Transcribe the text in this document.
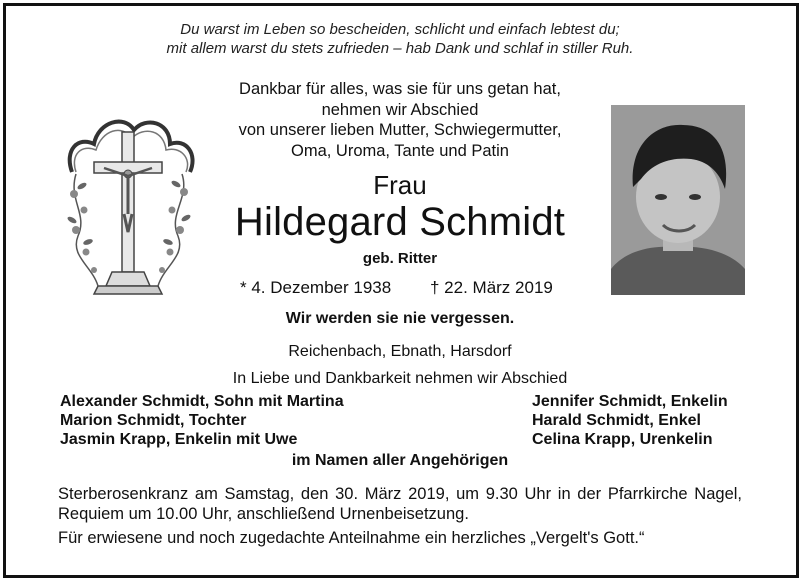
Du warst im Leben so bescheiden, schlicht und einfach lebtest du;
mit allem warst du stets zufrieden – hab Dank und schlaf in stiller Ruh.
Dankbar für alles, was sie für uns getan hat,
nehmen wir Abschied
von unserer lieben Mutter, Schwiegermutter,
Oma, Uroma, Tante und Patin
Frau
Hildegard Schmidt
geb. Ritter
* 4. Dezember 1938 † 22. März 2019
Wir werden sie nie vergessen.
Reichenbach, Ebnath, Harsdorf
In Liebe und Dankbarkeit nehmen wir Abschied
Alexander Schmidt, Sohn mit Martina
Marion Schmidt, Tochter
Jasmin Krapp, Enkelin mit Uwe
Jennifer Schmidt, Enkelin
Harald Schmidt, Enkel
Celina Krapp, Urenkelin
im Namen aller Angehörigen
Sterberosenkranz am Samstag, den 30. März 2019, um 9.30 Uhr in der Pfarrkirche Nagel, Requiem um 10.00 Uhr, anschließend Urnenbeisetzung.
Für erwiesene und noch zugedachte Anteilnahme ein herzliches „Vergelt's Gott.“
